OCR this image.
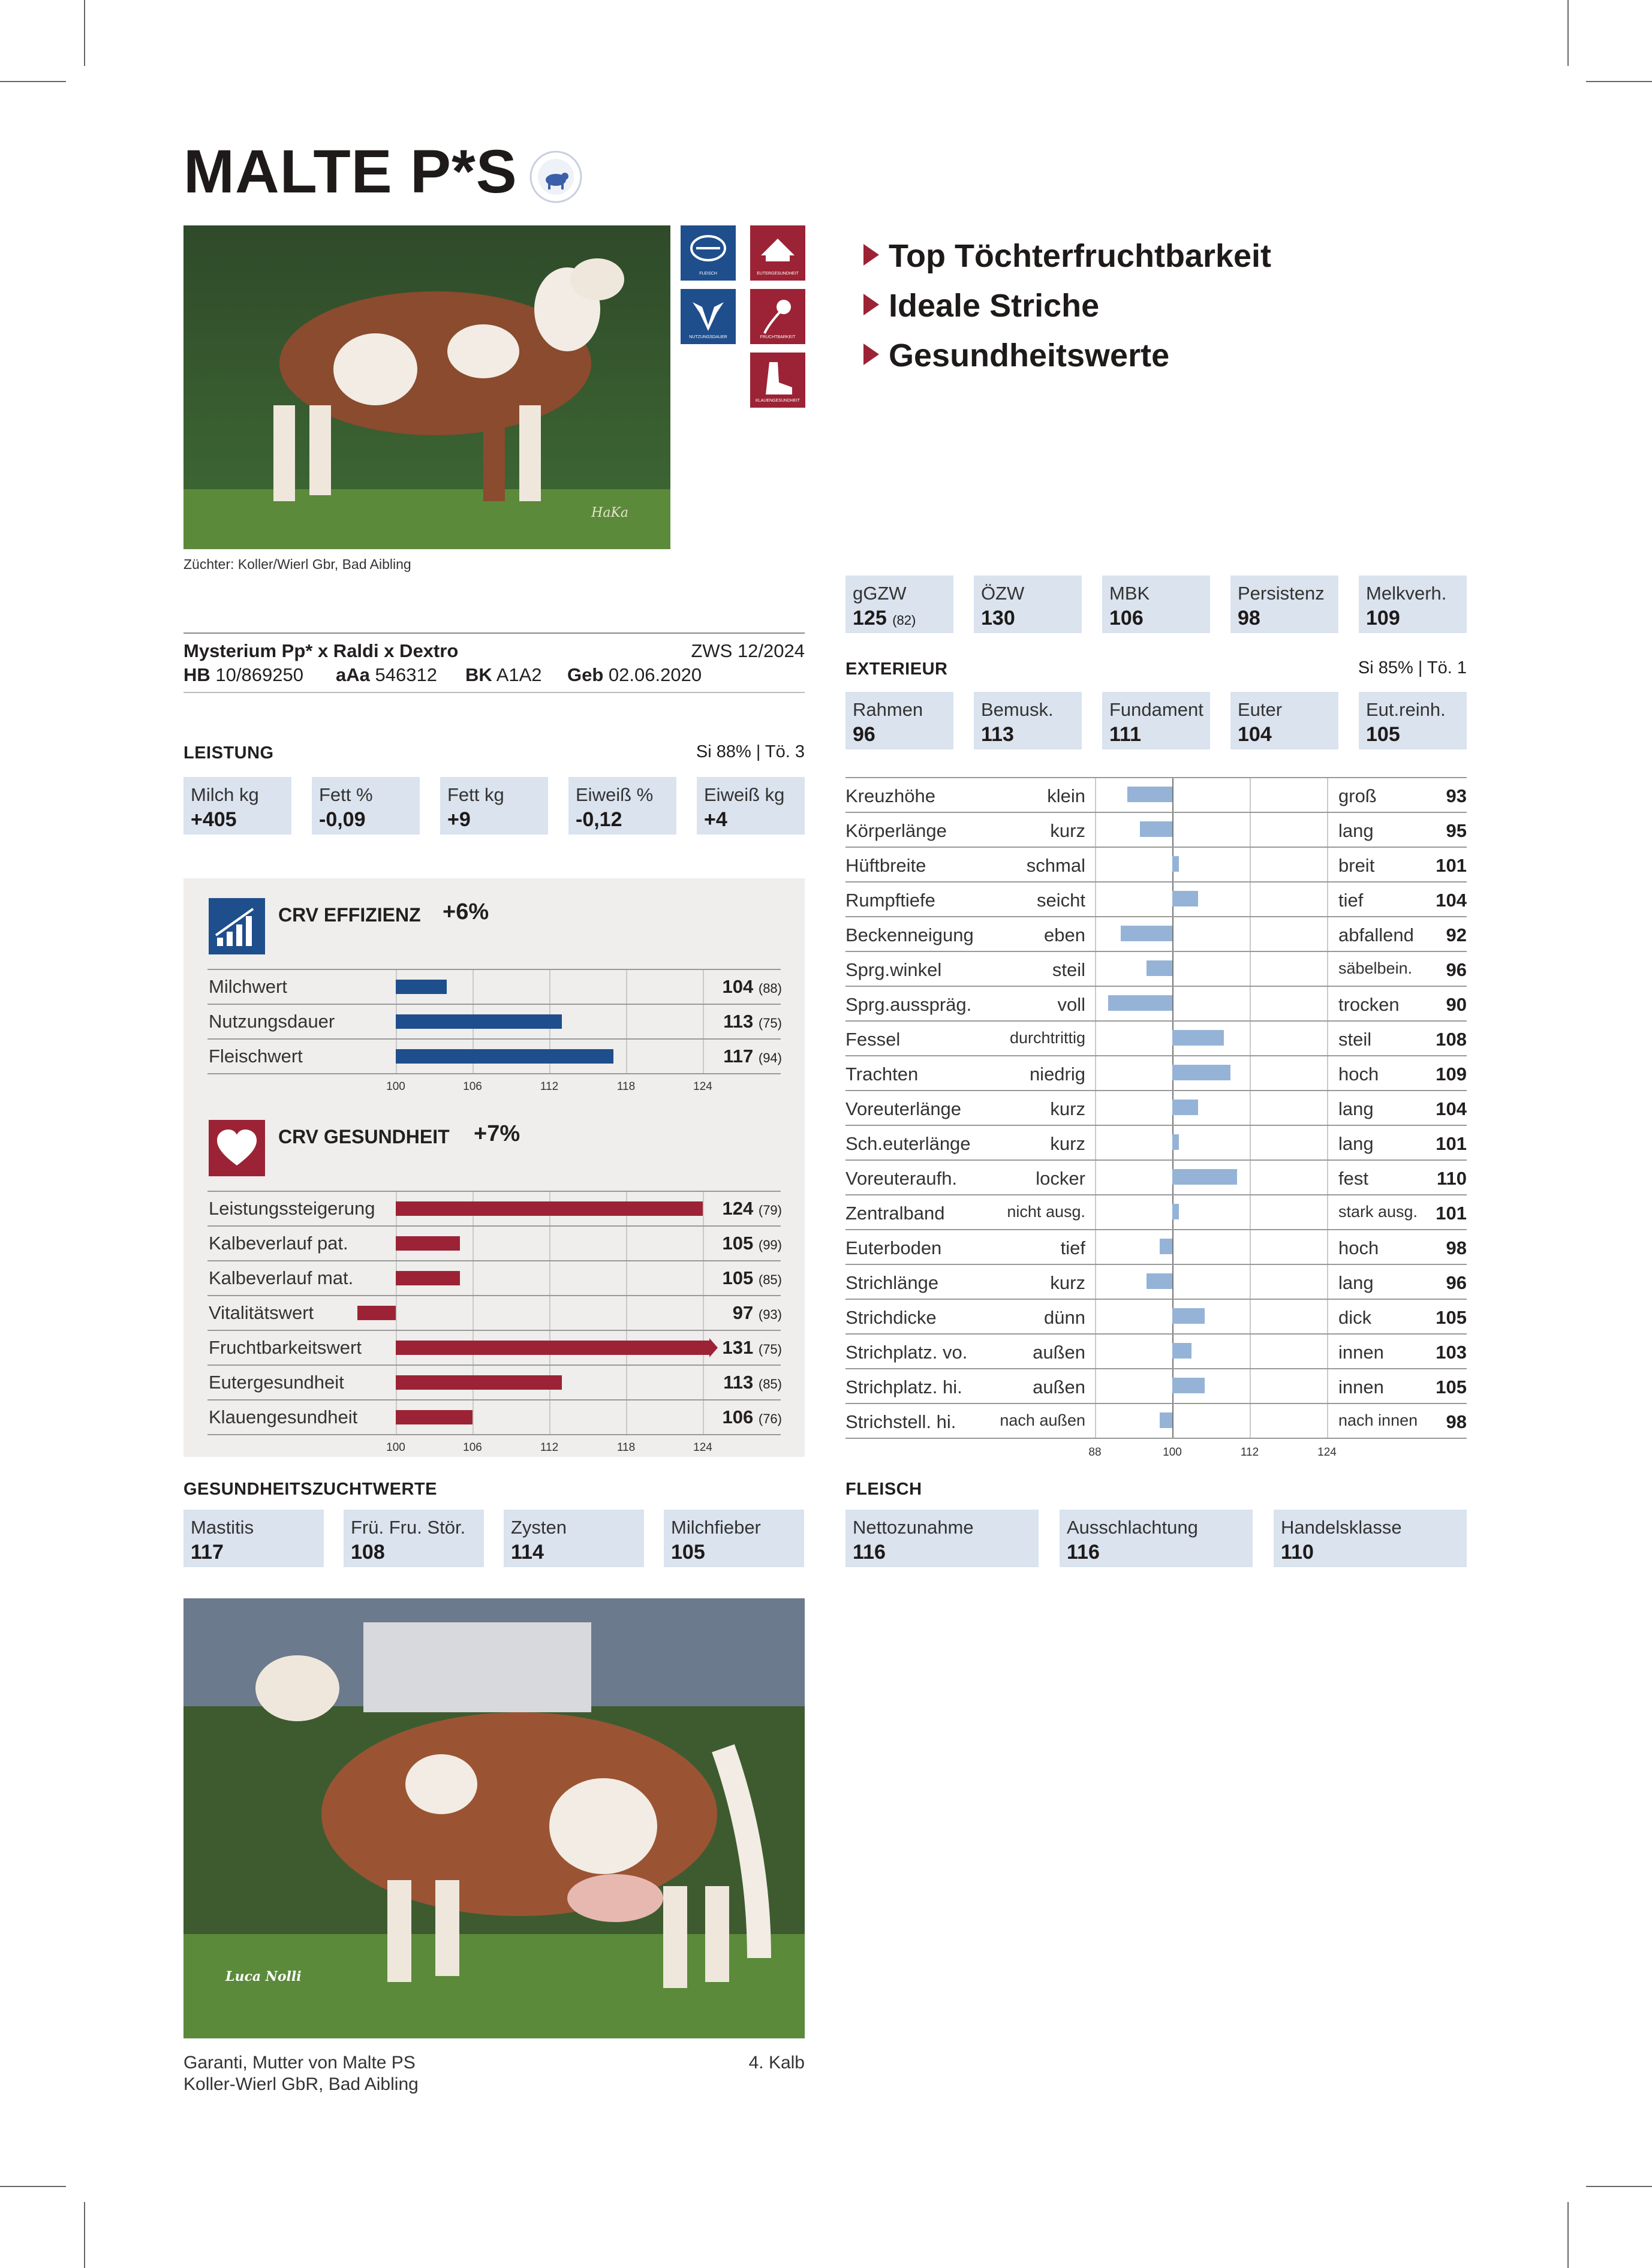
MALTE P*S
HaKa
Züchter: Koller/Wierl Gbr, Bad Aibling
FLEISCH	EUTERGESUNDHEIT
NUTZUNGSDAUER	FRUCHTBARKEIT
KLAUENGESUNDHEIT
Top Töchterfruchtbarkeit
Ideale Striche
Gesundheitswerte
Mysterium Pp* x Raldi x Dextro	ZWS 12/2024
HB 10/869250 aAa 546312 BK A1A2 Geb 02.06.2020
LEISTUNG	Si 88% | Tö. 3
Milch kg
+405
Fett %
-0,09
Fett kg
+9
Eiweiß %
-0,12
Eiweiß kg
+4
gGZW
125 (82)
ÖZW
130
MBK
106
Persistenz
98
Melkverh.
109
EXTERIEUR	Si 85% | Tö. 1
Rahmen
96
Bemusk.
113
Fundament
111
Euter
104
Eut.reinh.
105
CRV EFFIZIENZ +6%
Milchwert	104 (88)
Nutzungsdauer	113 (75)
Fleischwert	117 (94)
100	106	112	118	124
CRV GESUNDHEIT +7%
Leistungssteigerung	124 (79)
Kalbeverlauf pat.	105 (99)
Kalbeverlauf mat.	105 (85)
Vitalitätswert	97 (93)
Fruchtbarkeitswert	131 (75)
Eutergesundheit	113 (85)
Klauengesundheit	106 (76)
100	106	112	118	124
Kreuzhöhe	klein	groß	93
Körperlänge	kurz	lang	95
Hüftbreite	schmal	breit	101
Rumpftiefe	seicht	tief	104
Beckenneigung	eben	abfallend	92
Sprg.winkel	steil	säbelbein.	96
Sprg.ausspräg.	voll	trocken	90
Fessel	durchtrittig	steil	108
Trachten	niedrig	hoch	109
Voreuterlänge	kurz	lang	104
Sch.euterlänge	kurz	lang	101
Voreuteraufh.	locker	fest	110
Zentralband	nicht ausg.	stark ausg. 101
Euterboden	tief	hoch	98
Strichlänge	kurz	lang	96
Strichdicke	dünn	dick	105
Strichplatz. vo.	außen	innen	103
Strichplatz. hi.	außen	innen	105
Strichstell. hi.	nach außen	nach innen	98
88	100	112	124
GESUNDHEITSZUCHTWERTE
Mastitis
117
Frü. Fru. Stör.
108
Zysten
114
Milchfieber
105
FLEISCH
Nettozunahme
116
Ausschlachtung
116
Handelsklasse
110
Luca Nolli
Garanti, Mutter von Malte PS
Koller-Wierl GbR, Bad Aibling
4. Kalb
